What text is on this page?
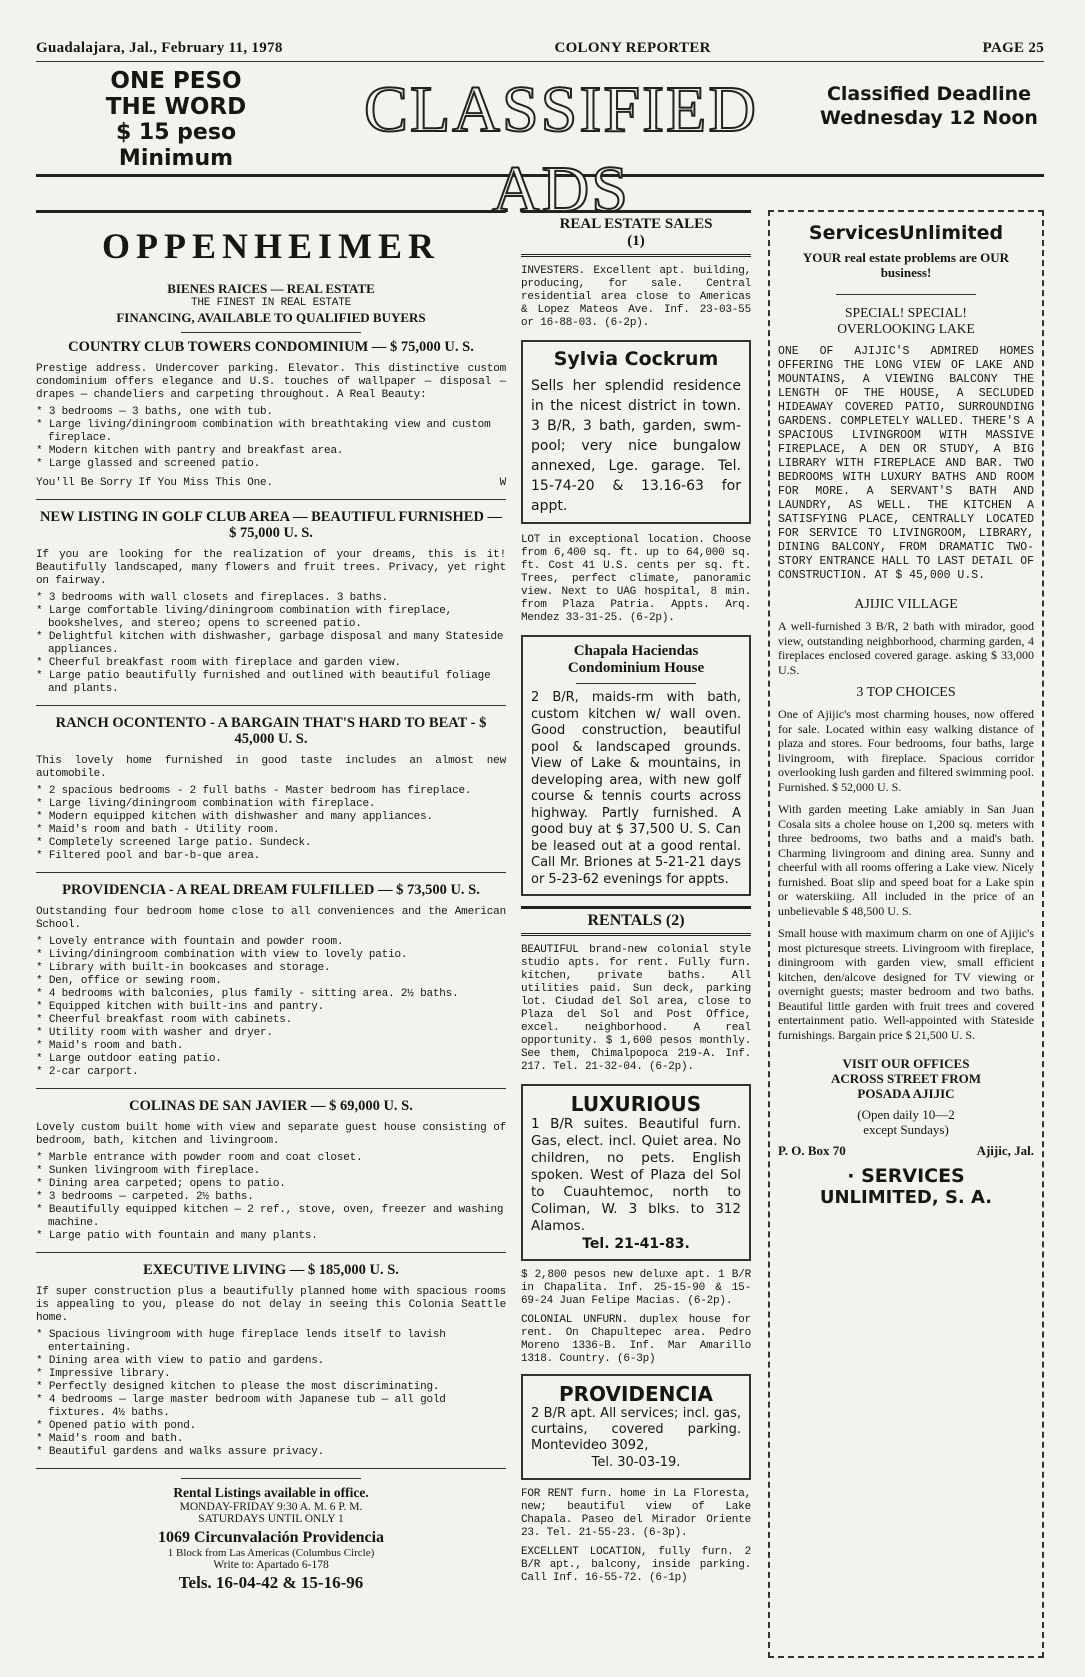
Guadalajara, Jal., February 11, 1978	COLONY REPORTER	PAGE 25
ONE PESO
THE WORD
$ 15 peso Minimum
CLASSIFIED ADS
Classified Deadline
Wednesday 12 Noon
OPPENHEIMER
BIENES RAICES — REAL ESTATE
THE FINEST IN REAL ESTATE
FINANCING, AVAILABLE TO QUALIFIED BUYERS
COUNTRY CLUB TOWERS CONDOMINIUM — $ 75,000 U. S.
Prestige address. Undercover parking. Elevator. This distinctive custom condominium offers elegance and U.S. touches of wallpaper — disposal — drapes — chandeliers and carpeting throughout. A Real Beauty:
* 3 bedrooms — 3 baths, one with tub.
* Large living/diningroom combination with breathtaking view and custom fireplace.
* Modern kitchen with pantry and breakfast area.
* Large glassed and screened patio.
You'll Be Sorry If You Miss This One.	W
NEW LISTING IN GOLF CLUB AREA — BEAUTIFUL FURNISHED — $ 75,000 U. S.
If you are looking for the realization of your dreams, this is it! Beautifully landscaped, many flowers and fruit trees. Privacy, yet right on fairway.
* 3 bedrooms with wall closets and fireplaces. 3 baths.
* Large comfortable living/diningroom combination with fireplace, bookshelves, and stereo; opens to screened patio.
* Delightful kitchen with dishwasher, garbage disposal and many Stateside appliances.
* Cheerful breakfast room with fireplace and garden view.
* Large patio beautifully furnished and outlined with beautiful foliage and plants.
RANCH OCONTENTO - A BARGAIN THAT'S HARD TO BEAT - $ 45,000 U. S.
This lovely home furnished in good taste includes an almost new automobile.
* 2 spacious bedrooms - 2 full baths - Master bedroom has fireplace.
* Large living/diningroom combination with fireplace.
* Modern equipped kitchen with dishwasher and many appliances.
* Maid's room and bath - Utility room.
* Completely screened large patio. Sundeck.
* Filtered pool and bar-b-que area.
PROVIDENCIA - A REAL DREAM FULFILLED — $ 73,500 U. S.
Outstanding four bedroom home close to all conveniences and the American School.
* Lovely entrance with fountain and powder room.
* Living/diningroom combination with view to lovely patio.
* Library with built-in bookcases and storage.
* Den, office or sewing room.
* 4 bedrooms with balconies, plus family - sitting area. 2½ baths.
* Equipped kitchen with built-ins and pantry.
* Cheerful breakfast room with cabinets.
* Utility room with washer and dryer.
* Maid's room and bath.
* Large outdoor eating patio.
* 2-car carport.
COLINAS DE SAN JAVIER — $ 69,000 U. S.
Lovely custom built home with view and separate guest house consisting of bedroom, bath, kitchen and livingroom.
* Marble entrance with powder room and coat closet.
* Sunken livingroom with fireplace.
* Dining area carpeted; opens to patio.
* 3 bedrooms — carpeted. 2½ baths.
* Beautifully equipped kitchen — 2 ref., stove, oven, freezer and washing machine.
* Large patio with fountain and many plants.
EXECUTIVE LIVING — $ 185,000 U. S.
If super construction plus a beautifully planned home with spacious rooms is appealing to you, please do not delay in seeing this Colonia Seattle home.
* Spacious livingroom with huge fireplace lends itself to lavish entertaining.
* Dining area with view to patio and gardens.
* Impressive library.
* Perfectly designed kitchen to please the most discriminating.
* 4 bedrooms — large master bedroom with Japanese tub — all gold fixtures. 4½ baths.
* Opened patio with pond.
* Maid's room and bath.
* Beautiful gardens and walks assure privacy.
Rental Listings available in office.
MONDAY-FRIDAY 9:30 A. M. 6 P. M.
SATURDAYS UNTIL ONLY 1
1069 Circunvalación Providencia
1 Block from Las Americas (Columbus Circle)
Write to: Apartado 6-178
Tels. 16-04-42 & 15-16-96
REAL ESTATE SALES
(1)
INVESTERS. Excellent apt. building, producing, for sale. Central residential area close to Americas & Lopez Mateos Ave. Inf. 23-03-55 or 16-88-03. (6-2p).
Sylvia Cockrum
Sells her splendid residence in the nicest district in town. 3 B/R, 3 bath, garden, swm-pool; very nice bungalow annexed, Lge. garage. Tel. 15-74-20 & 13.16-63 for appt.
LOT in exceptional location. Choose from 6,400 sq. ft. up to 64,000 sq. ft. Cost 41 U.S. cents per sq. ft. Trees, perfect climate, panoramic view. Next to UAG hospital, 8 min. from Plaza Patria. Appts. Arq. Mendez 33-31-25. (6-2p).
Chapala Haciendas
Condominium House
2 B/R, maids-rm with bath, custom kitchen w/ wall oven. Good construction, beautiful pool & landscaped grounds. View of Lake & mountains, in developing area, with new golf course & tennis courts across highway. Partly furnished. A good buy at $ 37,500 U. S. Can be leased out at a good rental. Call Mr. Briones at 5-21-21 days or 5-23-62 evenings for appts.
RENTALS (2)
BEAUTIFUL brand-new colonial style studio apts. for rent. Fully furn. kitchen, private baths. All utilities paid. Sun deck, parking lot. Ciudad del Sol area, close to Plaza del Sol and Post Office, excel. neighborhood. A real opportunity. $ 1,600 pesos monthly. See them, Chimalpopoca 219-A. Inf. 217. Tel. 21-32-04. (6-2p).
LUXURIOUS
1 B/R suites. Beautiful furn. Gas, elect. incl. Quiet area. No children, no pets. English spoken. West of Plaza del Sol to Cuauhtemoc, north to Coliman, W. 3 blks. to 312 Alamos.
Tel. 21-41-83.
$ 2,800 pesos new deluxe apt. 1 B/R in Chapalita. Inf. 25-15-90 & 15-69-24 Juan Felipe Macias. (6-2p).
COLONIAL UNFURN. duplex house for rent. On Chapultepec area. Pedro Moreno 1336-B. Inf. Mar Amarillo 1318. Country. (6-3p)
PROVIDENCIA
2 B/R apt. All services; incl. gas, curtains, covered parking. Montevideo 3092,
Tel. 30-03-19.
FOR RENT furn. home in La Floresta, new; beautiful view of Lake Chapala. Paseo del Mirador Oriente 23. Tel. 21-55-23. (6-3p).
EXCELLENT LOCATION, fully furn. 2 B/R apt., balcony, inside parking. Call Inf. 16-55-72. (6-1p)
ServicesUnlimited
YOUR real estate problems are OUR business!
SPECIAL! SPECIAL!
OVERLOOKING LAKE
ONE OF AJIJIC'S ADMIRED HOMES OFFERING THE LONG VIEW OF LAKE AND MOUNTAINS, A VIEWING BALCONY THE LENGTH OF THE HOUSE, A SECLUDED HIDEAWAY COVERED PATIO, SURROUNDING GARDENS. COMPLETELY WALLED. THERE'S A SPACIOUS LIVINGROOM WITH MASSIVE FIREPLACE, A DEN OR STUDY, A BIG LIBRARY WITH FIREPLACE AND BAR. TWO BEDROOMS WITH LUXURY BATHS AND ROOM FOR MORE. A SERVANT'S BATH AND LAUNDRY, AS WELL. THE KITCHEN A SATISFYING PLACE, CENTRALLY LOCATED FOR SERVICE TO LIVINGROOM, LIBRARY, DINING BALCONY, FROM DRAMATIC TWO-STORY ENTRANCE HALL TO LAST DETAIL OF CONSTRUCTION. AT $ 45,000 U.S.
AJIJIC VILLAGE
A well-furnished 3 B/R, 2 bath with mirador, good view, outstanding neighborhood, charming garden, 4 fireplaces enclosed covered garage. asking $ 33,000 U.S.
3 TOP CHOICES
One of Ajijic's most charming houses, now offered for sale. Located within easy walking distance of plaza and stores. Four bedrooms, four baths, large livingroom, with fireplace. Spacious corridor overlooking lush garden and filtered swimming pool. Furnished. $ 52,000 U. S.
With garden meeting Lake amiably in San Juan Cosala sits a cholee house on 1,200 sq. meters with three bedrooms, two baths and a maid's bath. Charming livingroom and dining area. Sunny and cheerful with all rooms offering a Lake view. Nicely furnished. Boat slip and speed boat for a Lake spin or waterskiing. All included in the price of an unbelievable $ 48,500 U. S.
Small house with maximum charm on one of Ajijic's most picturesque streets. Livingroom with fireplace, diningroom with garden view, small efficient kitchen, den/alcove designed for TV viewing or overnight guests; master bedroom and two baths. Beautiful little garden with fruit trees and covered entertainment patio. Well-appointed with Stateside furnishings. Bargain price $ 21,500 U. S.
VISIT OUR OFFICES
ACROSS STREET FROM
POSADA AJIJIC
(Open daily 10—2
except Sundays)
P. O. Box 70	Ajijic, Jal.
· SERVICES
UNLIMITED, S. A.
